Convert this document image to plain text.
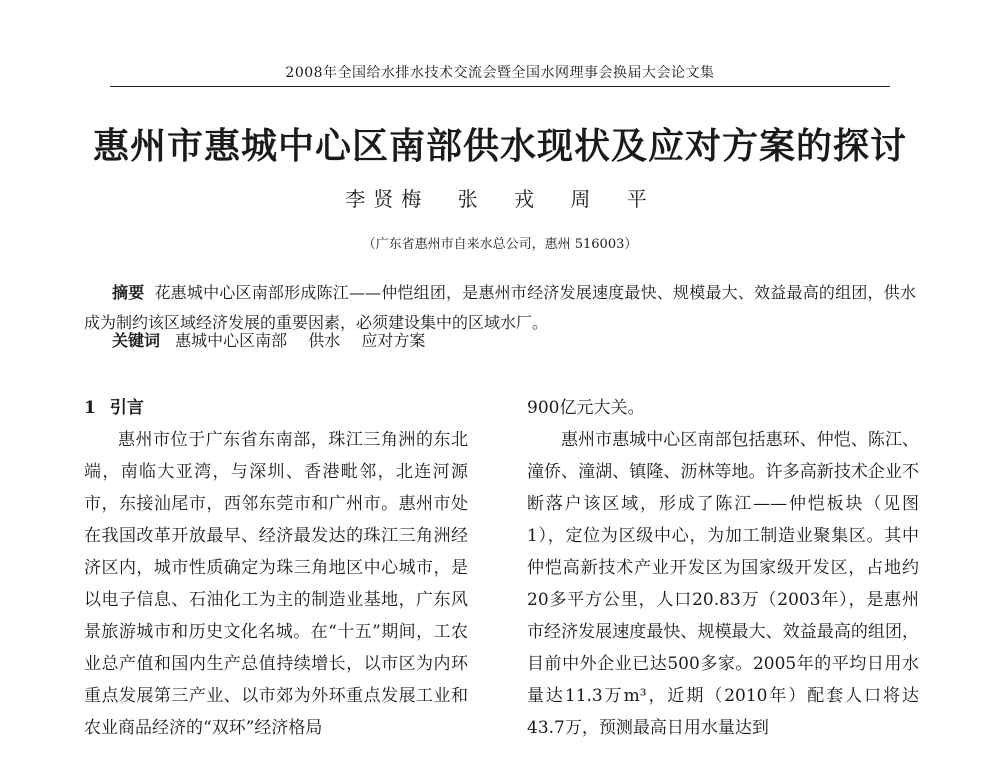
2008年全国给水排水技术交流会暨全国水网理事会换届大会论文集
惠州市惠城中心区南部供水现状及应对方案的探讨
李贤梅 张 戎 周 平
（广东省惠州市自来水总公司，惠州 516003）

摘要 花惠城中心区南部形成陈江——仲恺组团，是惠州市经济发展速度最快、规模最大、效益最高的组团，供水成为制约该区域经济发展的重要因素，必须建设集中的区域水厂。

关键词 惠城中心区南部 供水 应对方案
1 引言

惠州市位于广东省东南部，珠江三角洲的东北端，南临大亚湾，与深圳、香港毗邻，北连河源市，东接汕尾市，西邻东莞市和广州市。惠州市处在我国改革开放最早、经济最发达的珠江三角洲经济区内，城市性质确定为珠三角地区中心城市，是以电子信息、石油化工为主的制造业基地，广东风景旅游城市和历史文化名城。在“十五”期间，工农业总产值和国内生产总值持续增长，以市区为内环重点发展第三产业、以市郊为外环重点发展工业和农业商品经济的“双环”经济格局

900亿元大关。

惠州市惠城中心区南部包括惠环、仲恺、陈江、潼侨、潼湖、镇隆、沥林等地。许多高新技术企业不断落户该区域，形成了陈江——仲恺板块（见图1），定位为区级中心，为加工制造业聚集区。其中仲恺高新技术产业开发区为国家级开发区，占地约20多平方公里，人口20.83万（2003年），是惠州市经济发展速度最快、规模最大、效益最高的组团，目前中外企业已达500多家。2005年的平均日用水量达11.3万m³，近期（2010年）配套人口将达43.7万，预测最高日用水量达到
